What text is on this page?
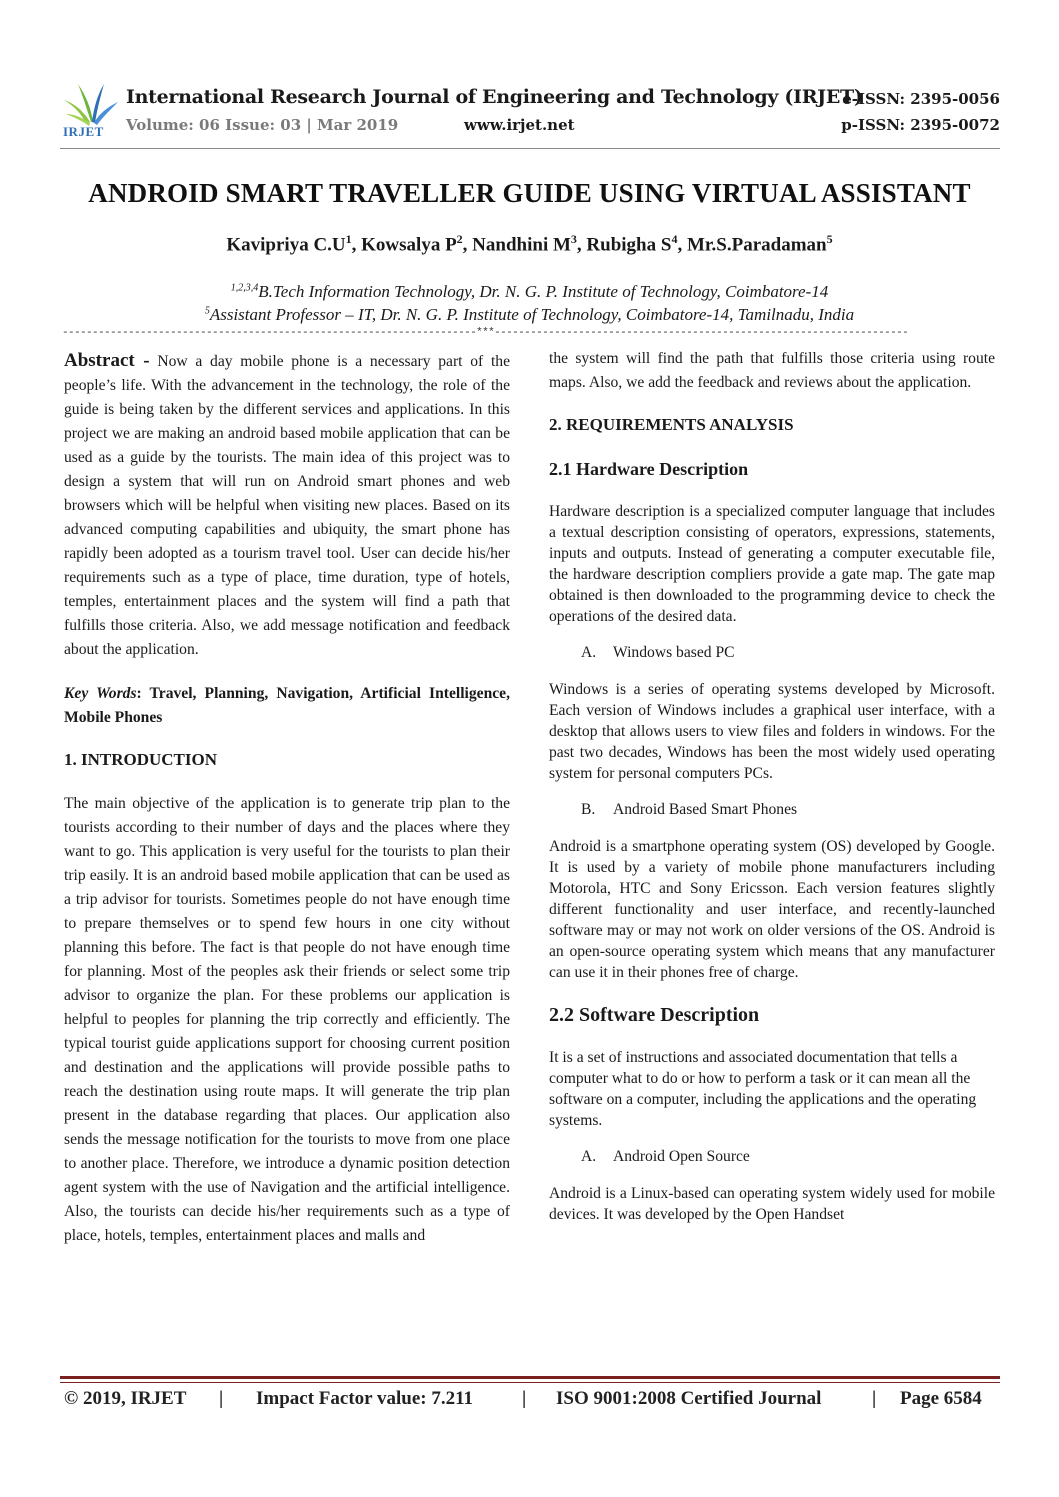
IRJET
International Research Journal of Engineering and Technology (IRJET)
e-ISSN: 2395-0056
Volume: 06 Issue: 03 | Mar 2019	www.irjet.net	p-ISSN: 2395-0072
ANDROID SMART TRAVELLER GUIDE USING VIRTUAL ASSISTANT
Kavipriya $C.U^1$, Kowsalya $P^2$, Nandhini $M^3$, Rubigha $S^4$, Mr.S.Paradaman$^5$
$^{1,2,3,4}$B.Tech Information Technology, Dr. N. G. P. Institute of Technology, Coimbatore-14
$^5$Assistant Professor – IT, Dr. N. G. P. Institute of Technology, Coimbatore-14, Tamilnadu, India
---------------------------------------------------------------------***---------------------------------------------------------------------

Abstract - Now a day mobile phone is a necessary part of the people’s life. With the advancement in the technology, the role of the guide is being taken by the different services and applications. In this project we are making an android based mobile application that can be used as a guide by the tourists. The main idea of this project was to design a system that will run on Android smart phones and web browsers which will be helpful when visiting new places. Based on its advanced computing capabilities and ubiquity, the smart phone has rapidly been adopted as a tourism travel tool. User can decide his/her requirements such as a type of place, time duration, type of hotels, temples, entertainment places and the system will find a path that fulfills those criteria. Also, we add message notification and feedback about the application.

Key Words: Travel, Planning, Navigation, Artificial Intelligence, Mobile Phones

1. INTRODUCTION

The main objective of the application is to generate trip plan to the tourists according to their number of days and the places where they want to go. This application is very useful for the tourists to plan their trip easily. It is an android based mobile application that can be used as a trip advisor for tourists. Sometimes people do not have enough time to prepare themselves or to spend few hours in one city without planning this before. The fact is that people do not have enough time for planning. Most of the peoples ask their friends or select some trip advisor to organize the plan. For these problems our application is helpful to peoples for planning the trip correctly and efficiently. The typical tourist guide applications support for choosing current position and destination and the applications will provide possible paths to reach the destination using route maps. It will generate the trip plan present in the database regarding that places. Our application also sends the message notification for the tourists to move from one place to another place. Therefore, we introduce a dynamic position detection agent system with the use of Navigation and the artificial intelligence. Also, the tourists can decide his/her requirements such as a type of place, hotels, temples, entertainment places and malls and

the system will find the path that fulfills those criteria using route maps. Also, we add the feedback and reviews about the application.

2. REQUIREMENTS ANALYSIS
2.1 Hardware Description

Hardware description is a specialized computer language that includes a textual description consisting of operators, expressions, statements, inputs and outputs. Instead of generating a computer executable file, the hardware description compliers provide a gate map. The gate map obtained is then downloaded to the programming device to check the operations of the desired data.

A. Windows based PC

Windows is a series of operating systems developed by Microsoft. Each version of Windows includes a graphical user interface, with a desktop that allows users to view files and folders in windows. For the past two decades, Windows has been the most widely used operating system for personal computers PCs.

B. Android Based Smart Phones

Android is a smartphone operating system (OS) developed by Google. It is used by a variety of mobile phone manufacturers including Motorola, HTC and Sony Ericsson. Each version features slightly different functionality and user interface, and recently-launched software may or may not work on older versions of the OS. Android is an open-source operating system which means that any manufacturer can use it in their phones free of charge.

2.2 Software Description

It is a set of instructions and associated documentation that tells a computer what to do or how to perform a task or it can mean all the software on a computer, including the applications and the operating systems.

A. Android Open Source

Android is a Linux-based can operating system widely used for mobile devices. It was developed by the Open Handset

© 2019, IRJET | Impact Factor value: 7.211	| ISO 9001:2008 Certified Journal	| Page 6584
